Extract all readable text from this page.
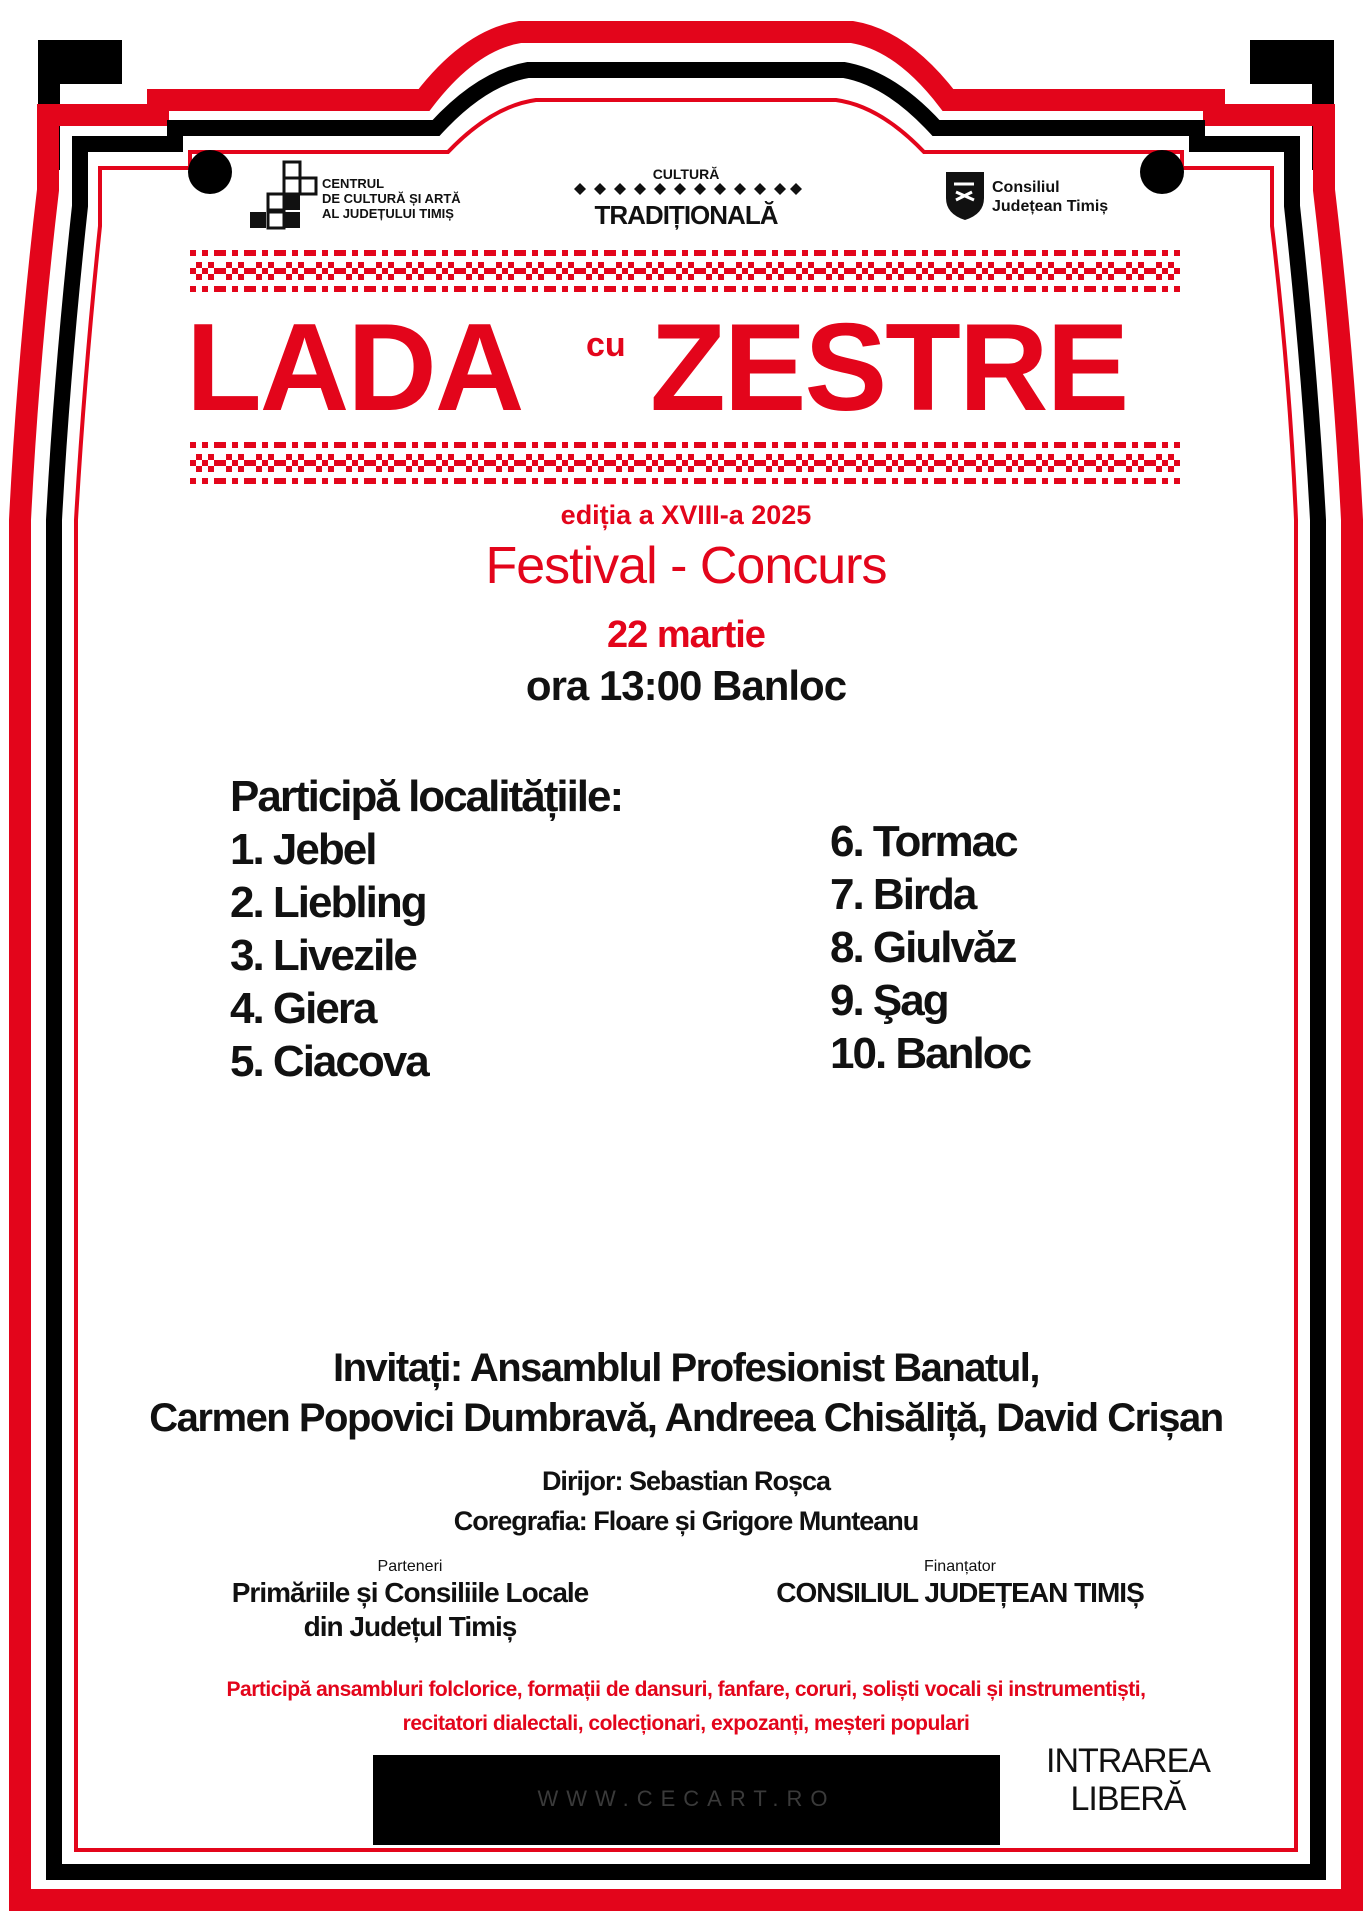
CENTRUL
DE CULTURĂ ȘI ARTĂ
AL JUDEȚULUI TIMIȘ
CULTURĂ
TRADIȚIONALĂ
Consiliul
Județean Timiș
LADA cu ZESTRE
ediția a XVIII-a 2025
Festival - Concurs
22 martie
ora 13:00 Banloc
Participă localitățiile:
1. Jebel
2. Liebling
3. Livezile
4. Giera
5. Ciacova
6. Tormac
7. Birda
8. Giulvăz
9. Şag
10. Banloc
Invitați: Ansamblul Profesionist Banatul,
Carmen Popovici Dumbravă, Andreea Chisăliță, David Crișan
Dirijor: Sebastian Roșca
Coregrafia: Floare și Grigore Munteanu
Parteneri
Primăriile și Consiliile Locale
din Județul Timiș
Finanțator
CONSILIUL JUDEȚEAN TIMIȘ
Participă ansambluri folclorice, formații de dansuri, fanfare, coruri, soliști vocali și instrumentiști,
recitatori dialectali, colecționari, expozanți, meșteri populari
WWW.CECART.RO
INTRAREA
LIBERĂ
